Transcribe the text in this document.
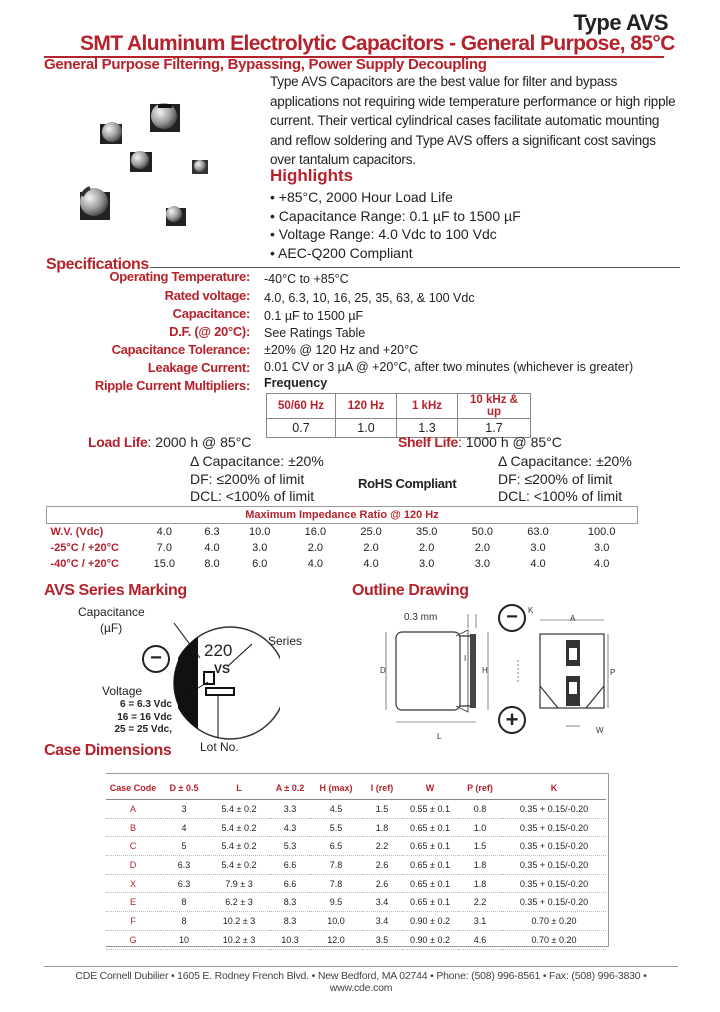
Type AVS
SMT Aluminum Electrolytic Capacitors - General Purpose, 85°C
General Purpose Filtering, Bypassing, Power Supply Decoupling
Type AVS Capacitors are the best value for filter and bypass applications not requiring wide temperature performance or high ripple current. Their vertical cylindrical cases facilitate automatic mounting and reflow soldering and Type AVS offers a significant cost savings over tantalum capacitors.
Highlights
• +85°C, 2000 Hour Load Life
• Capacitance Range: 0.1 µF to 1500 µF
• Voltage Range: 4.0 Vdc to 100 Vdc
• AEC-Q200 Compliant
Specifications
Operating Temperature: -40°C to +85°C
Rated voltage: 4.0, 6.3, 10, 16, 25, 35, 63, & 100 Vdc
Capacitance: 0.1 µF to 1500 µF
D.F. (@ 20°C): See Ratings Table
Capacitance Tolerance: ±20% @ 120 Hz and +20°C
Leakage Current: 0.01 CV or 3 µA @ +20°C, after two minutes (whichever is greater)
Ripple Current Multipliers: Frequency
50/60 Hz	120 Hz	1 kHz	10 kHz & up
0.7	1.0	1.3	1.7
Load Life: 2000 h @ 85°C
Δ Capacitance: ±20%
DF: ≤200% of limit
DCL: <100% of limit
Shelf Life: 1000 h @ 85°C
Δ Capacitance: ±20%
DF: ≤200% of limit
DCL: <100% of limit
RoHS Compliant
Maximum Impedance Ratio @ 120 Hz									
W.V. (Vdc)	4.0	6.3	10.0	16.0	25.0	35.0	50.0	63.0	100.0
-25°C / +20°C	7.0	4.0	3.0	2.0	2.0	2.0	2.0	3.0	3.0
-40°C / +20°C	15.0	8.0	6.0	4.0	4.0	3.0	3.0	4.0	4.0
AVS Series Marking
−
Capacitance
(µF)
220
VS
Series
Voltage
6 = 6.3 Vdc
16 = 16 Vdc
25 = 25 Vdc,
Lot No.
Outline Drawing
0.3 mm
D
L
H
I
K
A
P
W
−
+
Case Dimensions
Case Code	D ± 0.5	L	A ± 0.2	H (max)	I (ref)	W	P (ref)	K
A	3	5.4 ± 0.2	3.3	4.5	1.5	0.55 ± 0.1	0.8	0.35 + 0.15/-0.20
B	4	5.4 ± 0.2	4.3	5.5	1.8	0.65 ± 0.1	1.0	0.35 + 0.15/-0.20
C	5	5.4 ± 0.2	5.3	6.5	2.2	0.65 ± 0.1	1.5	0.35 + 0.15/-0.20
D	6.3	5.4 ± 0.2	6.6	7.8	2.6	0.65 ± 0.1	1.8	0.35 + 0.15/-0.20
X	6.3	7.9 ± 3	6.6	7.8	2.6	0.65 ± 0.1	1.8	0.35 + 0.15/-0.20
E	8	6.2 ± 3	8.3	9.5	3.4	0.65 ± 0.1	2.2	0.35 + 0.15/-0.20
F	8	10.2 ± 3	8.3	10.0	3.4	0.90 ± 0.2	3.1	0.70 ± 0.20
G	10	10.2 ± 3	10.3	12.0	3.5	0.90 ± 0.2	4.6	0.70 ± 0.20
CDE Cornell Dubilier • 1605 E. Rodney French Blvd. • New Bedford, MA 02744 • Phone: (508) 996-8561 • Fax: (508) 996-3830 • www.cde.com
